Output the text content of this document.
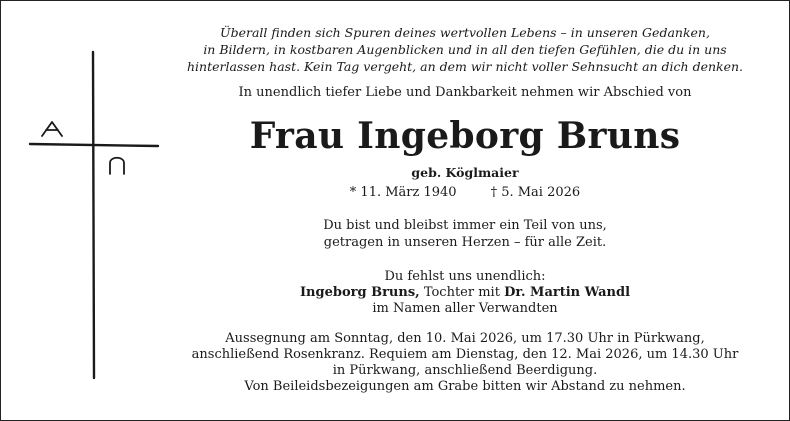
Überall finden sich Spuren deines wertvollen Lebens – in unseren Gedanken,
in Bildern, in kostbaren Augenblicken und in all den tiefen Gefühlen, die du in uns
hinterlassen hast. Kein Tag vergeht, an dem wir nicht voller Sehnsucht an dich denken.
In unendlich tiefer Liebe und Dankbarkeit nehmen wir Abschied von
Frau Ingeborg Bruns
geb. Köglmaier
* 11. März 1940	† 5. Mai 2026
Du bist und bleibst immer ein Teil von uns,
getragen in unseren Herzen – für alle Zeit.
Du fehlst uns unendlich:
Ingeborg Bruns, Tochter mit Dr. Martin Wandl
im Namen aller Verwandten
Aussegnung am Sonntag, den 10. Mai 2026, um 17.30 Uhr in Pürkwang,
anschließend Rosenkranz. Requiem am Dienstag, den 12. Mai 2026, um 14.30 Uhr
in Pürkwang, anschließend Beerdigung.
Von Beileidsbezeigungen am Grabe bitten wir Abstand zu nehmen.
